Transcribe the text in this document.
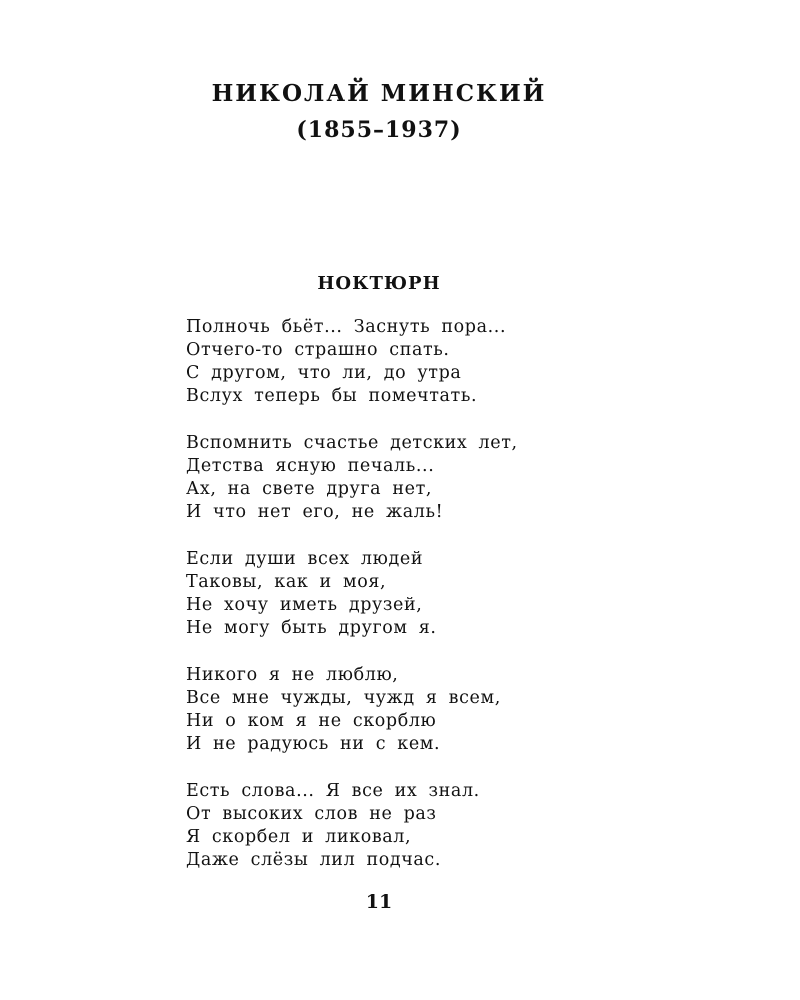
НИКОЛАЙ МИНСКИЙ
(1855–1937)
НОКТЮРН
Полночь бьёт... Заснуть пора...
Отчего-то страшно спать.
С другом, что ли, до утра
Вслух теперь бы помечтать.
Вспомнить счастье детских лет,
Детства ясную печаль...
Ах, на свете друга нет,
И что нет его, не жаль!
Если души всех людей
Таковы, как и моя,
Не хочу иметь друзей,
Не могу быть другом я.
Никого я не люблю,
Все мне чужды, чужд я всем,
Ни о ком я не скорблю
И не радуюсь ни с кем.
Есть слова... Я все их знал.
От высоких слов не раз
Я скорбел и ликовал,
Даже слёзы лил подчас.
11
